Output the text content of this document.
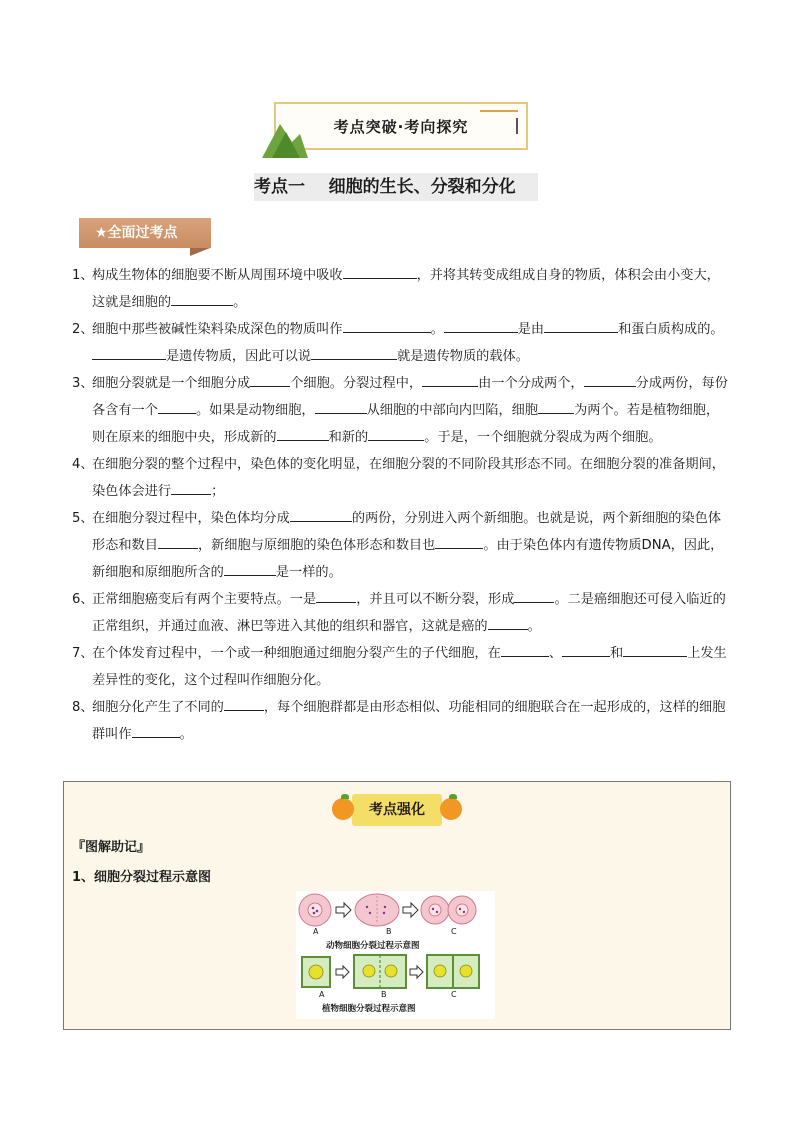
考点突破·考向探究
考点一    细胞的生长、分裂和分化
★全面过考点
1、
构成生物体的细胞要不断从周围环境中吸收	，并将其转变成组成自身的物质，体积会由小变大，这就是细胞的	。
2、
细胞中那些被碱性染料染成深色的物质叫作	。	是由	和蛋白质构成的。是遗传物质，因此可以说	就是遗传物质的载体。
3、
细胞分裂就是一个细胞分成	个细胞。分裂过程中，	由一个分成两个，	分成两份，每份各含有一个	。如果是动物细胞，	从细胞的中部向内凹陷，细胞	为两个。若是植物细胞，则在原来的细胞中央，形成新的	和新的	。于是，一个细胞就分裂成为两个细胞。
4、
在细胞分裂的整个过程中，染色体的变化明显，在细胞分裂的不同阶段其形态不同。在细胞分裂的准备期间，染色体会进行	；
5、
在细胞分裂过程中，染色体均分成	的两份，分别进入两个新细胞。也就是说，两个新细胞的染色体形态和数目	，新细胞与原细胞的染色体形态和数目也	。由于染色体内有遗传物质DNA，因此，新细胞和原细胞所含的	是一样的。
6、
正常细胞癌变后有两个主要特点。一是	，并且可以不断分裂，形成	。二是癌细胞还可侵入临近的正常组织，并通过血液、淋巴等进入其他的组织和器官，这就是癌的	。
7、
在个体发育过程中，一个或一种细胞通过细胞分裂产生的子代细胞，在	、	和	上发生差异性的变化，这个过程叫作细胞分化。
8、
细胞分化产生了不同的	，每个细胞群都是由形态相似、功能相同的细胞联合在一起形成的，这样的细胞群叫作	。
考点强化
『图解助记』
1、细胞分裂过程示意图
A	B	C
动物细胞分裂过程示意图
A	B	C
植物细胞分裂过程示意图
